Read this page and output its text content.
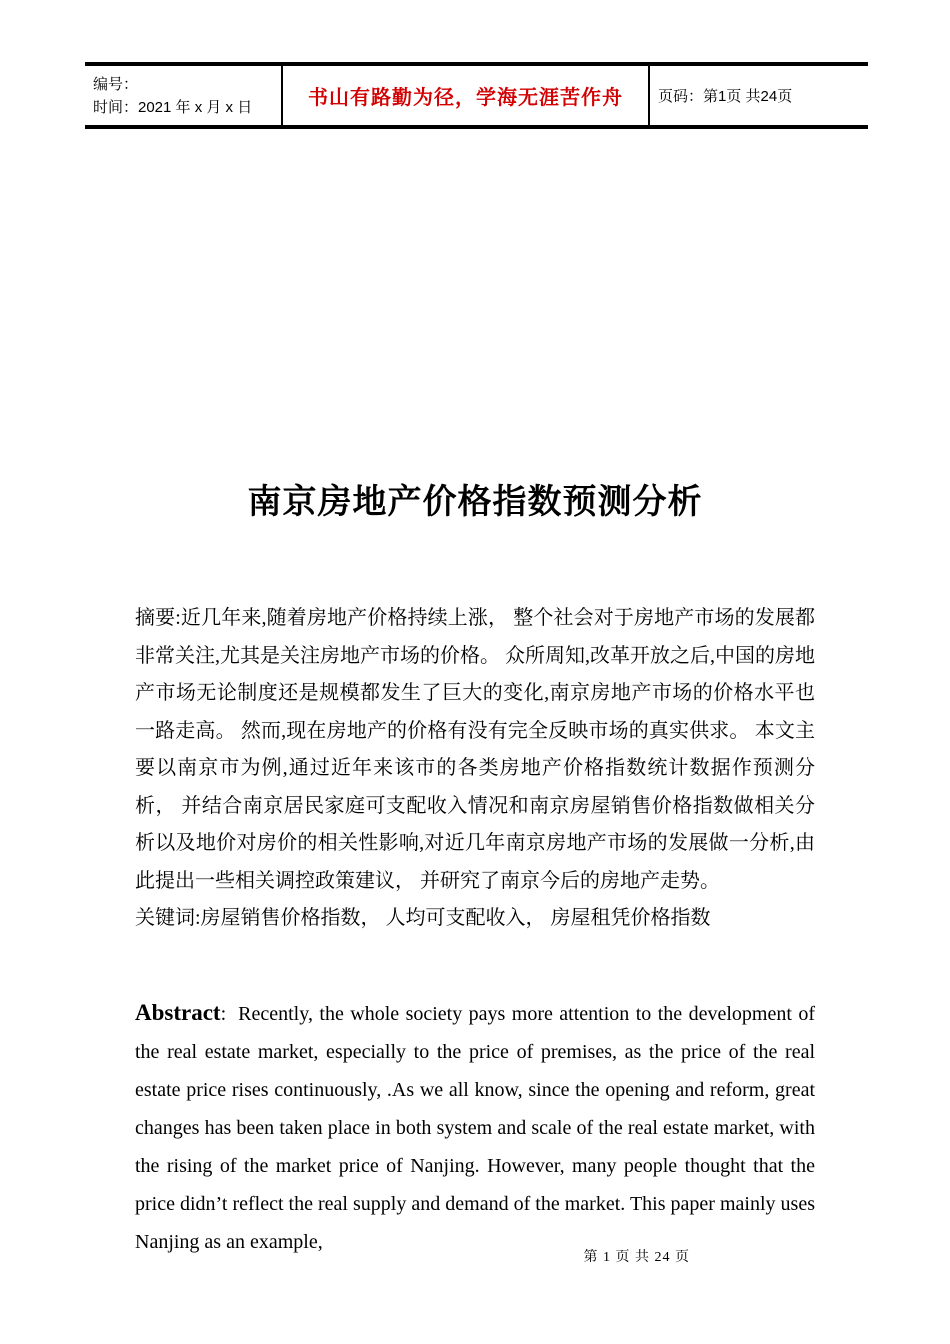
编号：
时间：2021 年 x 月 x 日	书山有路勤为径，学海无涯苦作舟 页码：第1页 共24页
南京房地产价格指数预测分析

摘要:近几年来,随着房地产价格持续上涨， 整个社会对于房地产市场的发展都非常关注,尤其是关注房地产市场的价格。 众所周知,改革开放之后,中国的房地产市场无论制度还是规模都发生了巨大的变化,南京房地产市场的价格水平也一路走高。 然而,现在房地产的价格有没有完全反映市场的真实供求。 本文主要以南京市为例,通过近年来该市的各类房地产价格指数统计数据作预测分析， 并结合南京居民家庭可支配收入情况和南京房屋销售价格指数做相关分析以及地价对房价的相关性影响,对近几年南京房地产市场的发展做一分析,由此提出一些相关调控政策建议， 并研究了南京今后的房地产走势。

关键词:房屋销售价格指数， 人均可支配收入， 房屋租凭价格指数

Abstract: Recently, the whole society pays more attention to the development of the real estate market, especially to the price of premises, as the price of the real estate price rises continuously, .As we all know, since the opening and reform, great changes has been taken place in both system and scale of the real estate market, with the rising of the market price of Nanjing. However, many people thought that the price didn’t reflect the real supply and demand of the market. This paper mainly uses Nanjing as an example,

第 1 页 共 24 页
